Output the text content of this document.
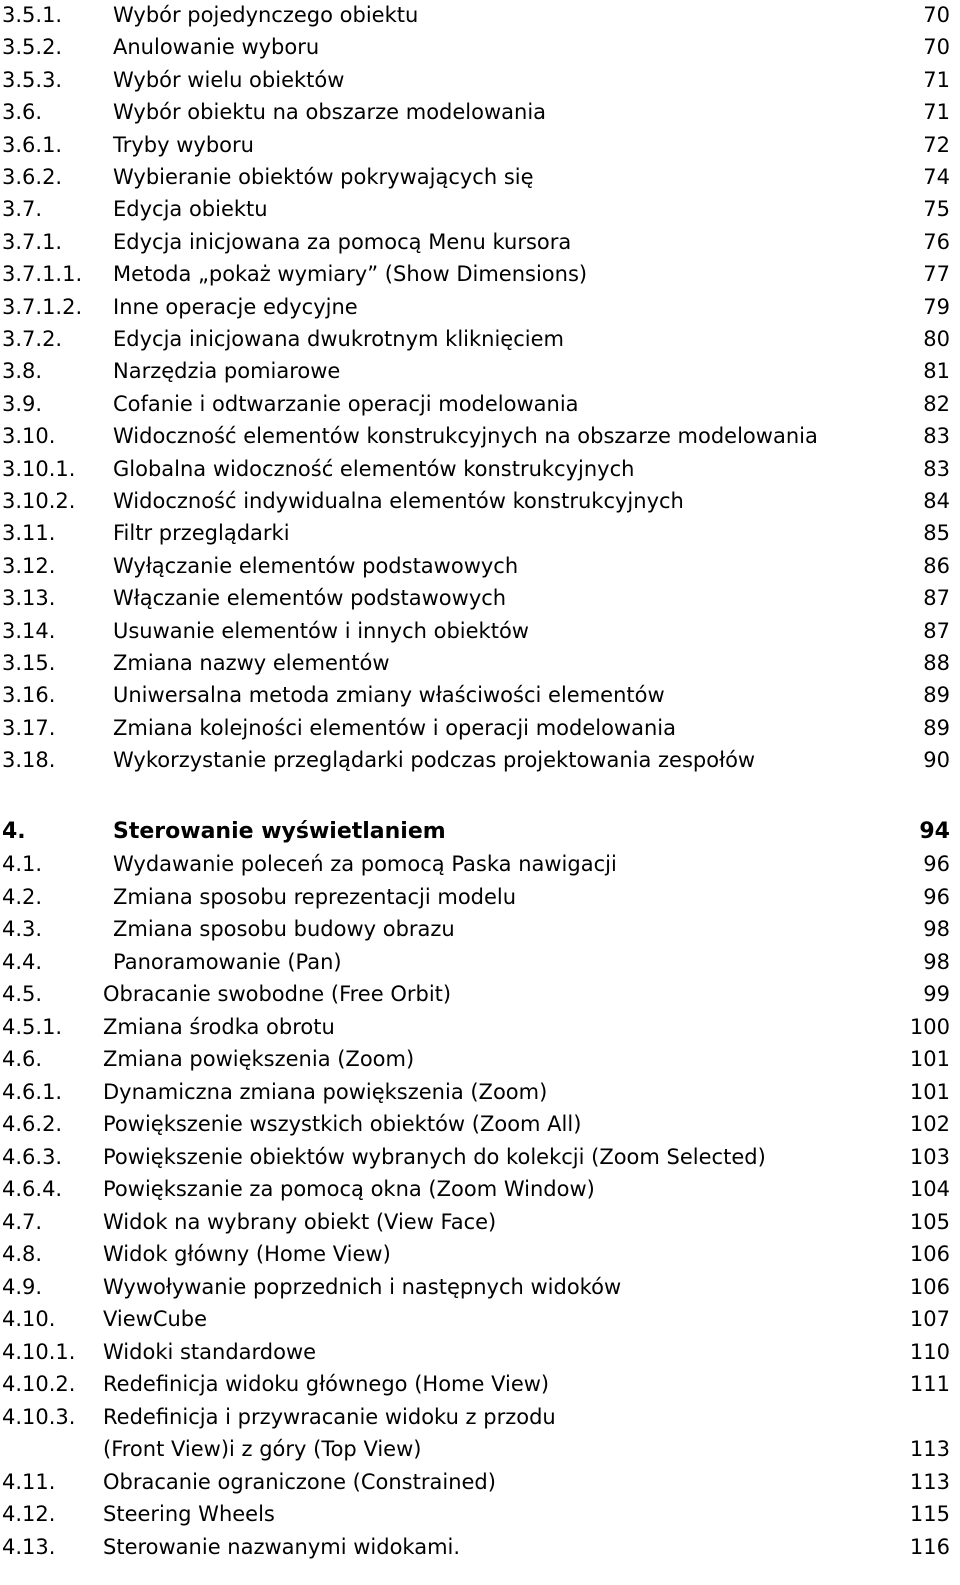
3.5.1. Wybór pojedynczego obiektu	70
3.5.2. Anulowanie wyboru	70
3.5.3. Wybór wielu obiektów	71
3.6.	Wybór obiektu na obszarze modelowania	71
3.6.1. Tryby wyboru	72
3.6.2. Wybieranie obiektów pokrywających się	74
3.7.	Edycja obiektu	75
3.7.1. Edycja inicjowana za pomocą Menu kursora	76
3.7.1.1. Metoda „pokaż wymiary” (Show Dimensions)	77
3.7.1.2. Inne operacje edycyjne	79
3.7.2. Edycja inicjowana dwukrotnym kliknięciem	80
3.8.	Narzędzia pomiarowe	81
3.9.	Cofanie i odtwarzanie operacji modelowania	82
3.10.	Widoczność elementów konstrukcyjnych na obszarze modelowania	83
3.10.1. Globalna widoczność elementów konstrukcyjnych	83
3.10.2. Widoczność indywidualna elementów konstrukcyjnych	84
3.11.	Filtr przeglądarki	85
3.12.	Wyłączanie elementów podstawowych	86
3.13.	Włączanie elementów podstawowych	87
3.14.	Usuwanie elementów i innych obiektów	87
3.15.	Zmiana nazwy elementów	88
3.16.	Uniwersalna metoda zmiany właściwości elementów	89
3.17.	Zmiana kolejności elementów i operacji modelowania	89
3.18.	Wykorzystanie przeglądarki podczas projektowania zespołów	90
4.	Sterowanie wyświetlaniem	94
4.1.	Wydawanie poleceń za pomocą Paska nawigacji	96
4.2.	Zmiana sposobu reprezentacji modelu	96
4.3.	Zmiana sposobu budowy obrazu	98
4.4.	Panoramowanie (Pan)	98
4.5.	Obracanie swobodne (Free Orbit)	99
4.5.1. Zmiana środka obrotu	100
4.6.	Zmiana powiększenia (Zoom)	101
4.6.1. Dynamiczna zmiana powiększenia (Zoom)	101
4.6.2. Powiększenie wszystkich obiektów (Zoom All)	102
4.6.3. Powiększenie obiektów wybranych do kolekcji (Zoom Selected)	103
4.6.4. Powiększanie za pomocą okna (Zoom Window)	104
4.7.	Widok na wybrany obiekt (View Face)	105
4.8.	Widok główny (Home View)	106
4.9.	Wywoływanie poprzednich i następnych widoków	106
4.10. ViewCube	107
4.10.1. Widoki standardowe	110
4.10.2. Redefinicja widoku głównego (Home View)	111
4.10.3. Redefinicja i przywracanie widoku z przodu
(Front View)i z góry (Top View)	113
4.11. Obracanie ograniczone (Constrained)	113
4.12. Steering Wheels	115
4.13. Sterowanie nazwanymi widokami.	116
